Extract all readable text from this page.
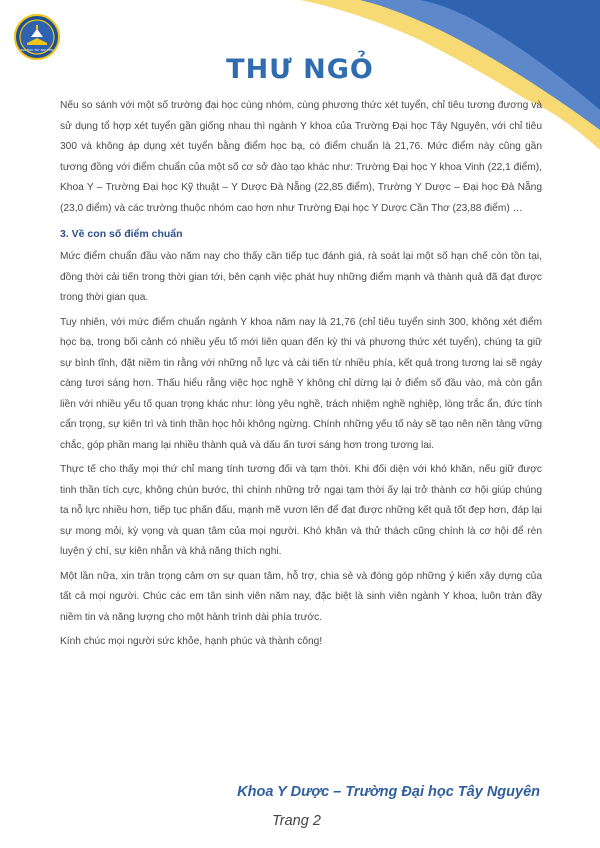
ĐẠI HỌC TÂY NGUYÊN
THƯ NGỎ

Nếu so sánh với một số trường đại học cùng nhóm, cùng phương thức xét tuyển, chỉ tiêu tương đương và sử dụng tổ hợp xét tuyển gần giống nhau thì ngành Y khoa của Trường Đại học Tây Nguyên, với chỉ tiêu 300 và không áp dụng xét tuyển bằng điểm học bạ, có điểm chuẩn là 21,76. Mức điểm này cũng gần tương đồng với điểm chuẩn của một số cơ sở đào tạo khác như: Trường Đại học Y khoa Vinh (22,1 điểm), Khoa Y – Trường Đại học Kỹ thuật – Y Dược Đà Nẵng (22,85 điểm), Trường Y Dược – Đại học Đà Nẵng (23,0 điểm) và các trường thuộc nhóm cao hơn như Trường Đại học Y Dược Cần Thơ (23,88 điểm) …

3. Về con số điểm chuẩn

Mức điểm chuẩn đầu vào năm nay cho thấy cần tiếp tục đánh giá, rà soát lại một số hạn chế còn tồn tại, đồng thời cải tiến trong thời gian tới, bên cạnh việc phát huy những điểm mạnh và thành quả đã đạt được trong thời gian qua.

Tuy nhiên, với mức điểm chuẩn ngành Y khoa năm nay là 21,76 (chỉ tiêu tuyển sinh 300, không xét điểm học bạ, trong bối cảnh có nhiều yếu tố mới liên quan đến kỳ thi và phương thức xét tuyển), chúng ta giữ sự bình tĩnh, đặt niềm tin rằng với những nỗ lực và cải tiến từ nhiều phía, kết quả trong tương lai sẽ ngày càng tươi sáng hơn. Thấu hiểu rằng việc học nghề Y không chỉ dừng lại ở điểm số đầu vào, mà còn gắn liền với nhiều yếu tố quan trọng khác như: lòng yêu nghề, trách nhiệm nghề nghiệp, lòng trắc ẩn, đức tính cẩn trọng, sự kiên trì và tinh thần học hỏi không ngừng. Chính những yếu tố này sẽ tạo nên nền tảng vững chắc, góp phần mang lại nhiều thành quả và dấu ấn tươi sáng hơn trong tương lai.

Thực tế cho thấy mọi thứ chỉ mang tính tương đối và tạm thời. Khi đối diện với khó khăn, nếu giữ được tinh thần tích cực, không chùn bước, thì chính những trở ngại tạm thời ấy lại trở thành cơ hội giúp chúng ta nỗ lực nhiều hơn, tiếp tục phấn đấu, mạnh mẽ vươn lên để đạt được những kết quả tốt đẹp hơn, đáp lại sự mong mỏi, kỳ vọng và quan tâm của mọi người. Khó khăn và thử thách cũng chính là cơ hội để rèn luyện ý chí, sự kiên nhẫn và khả năng thích nghi.

Một lần nữa, xin trân trọng cảm ơn sự quan tâm, hỗ trợ, chia sẻ và đóng góp những ý kiến xây dựng của tất cả mọi người. Chúc các em tân sinh viên năm nay, đặc biệt là sinh viên ngành Y khoa, luôn tràn đầy niềm tin và năng lượng cho một hành trình dài phía trước.

Kính chúc mọi người sức khỏe, hạnh phúc và thành công!

Khoa Y Dược – Trường Đại học Tây Nguyên
Trang 2
